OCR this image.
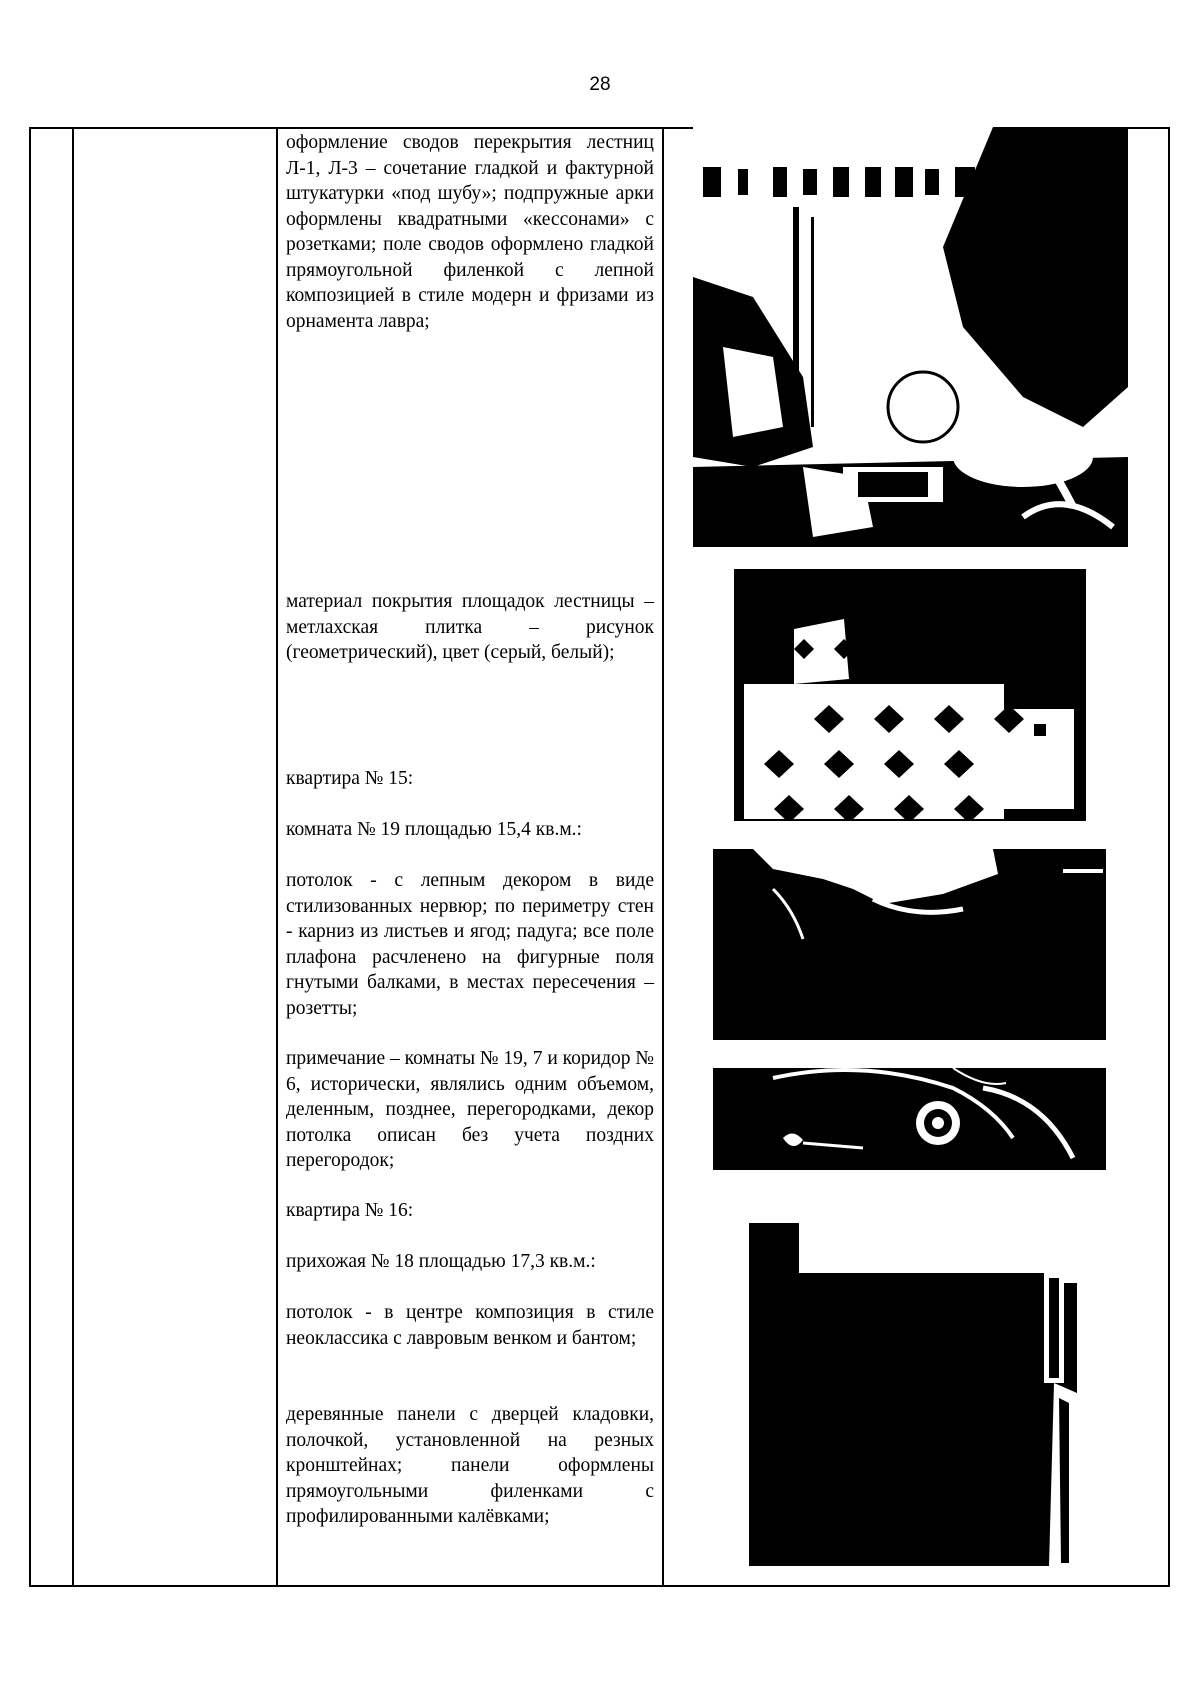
28

оформление сводов перекрытия лестниц Л-1, Л-3 – сочетание гладкой и фактурной штукатурки «под шубу»; подпружные арки оформлены квадратными «кессонами» с розетками; поле сводов оформлено гладкой прямоугольной филенкой с лепной композицией в стиле модерн и фризами из орнамента лавра;

материал покрытия площадок лестницы – метлахская плитка – рисунок (геометрический), цвет (серый, белый);

квартира № 15:

комната № 19 площадью 15,4 кв.м.:

потолок - с лепным декором в виде стилизованных нервюр; по периметру стен - карниз из листьев и ягод; падуга; все поле плафона расчленено на фигурные поля гнутыми балками, в местах пересечения – розетты;

примечание – комнаты № 19, 7 и коридор № 6, исторически, являлись одним объемом, деленным, позднее, перегородками, декор потолка описан без учета поздних перегородок;

квартира № 16:

прихожая № 18 площадью 17,3 кв.м.:

потолок - в центре композиция в стиле неоклассика с лавровым венком и бантом;

деревянные панели с дверцей кладовки, полочкой, установленной на резных кронштейнах; панели оформлены прямоугольными филенками с профилированными калёвками;
